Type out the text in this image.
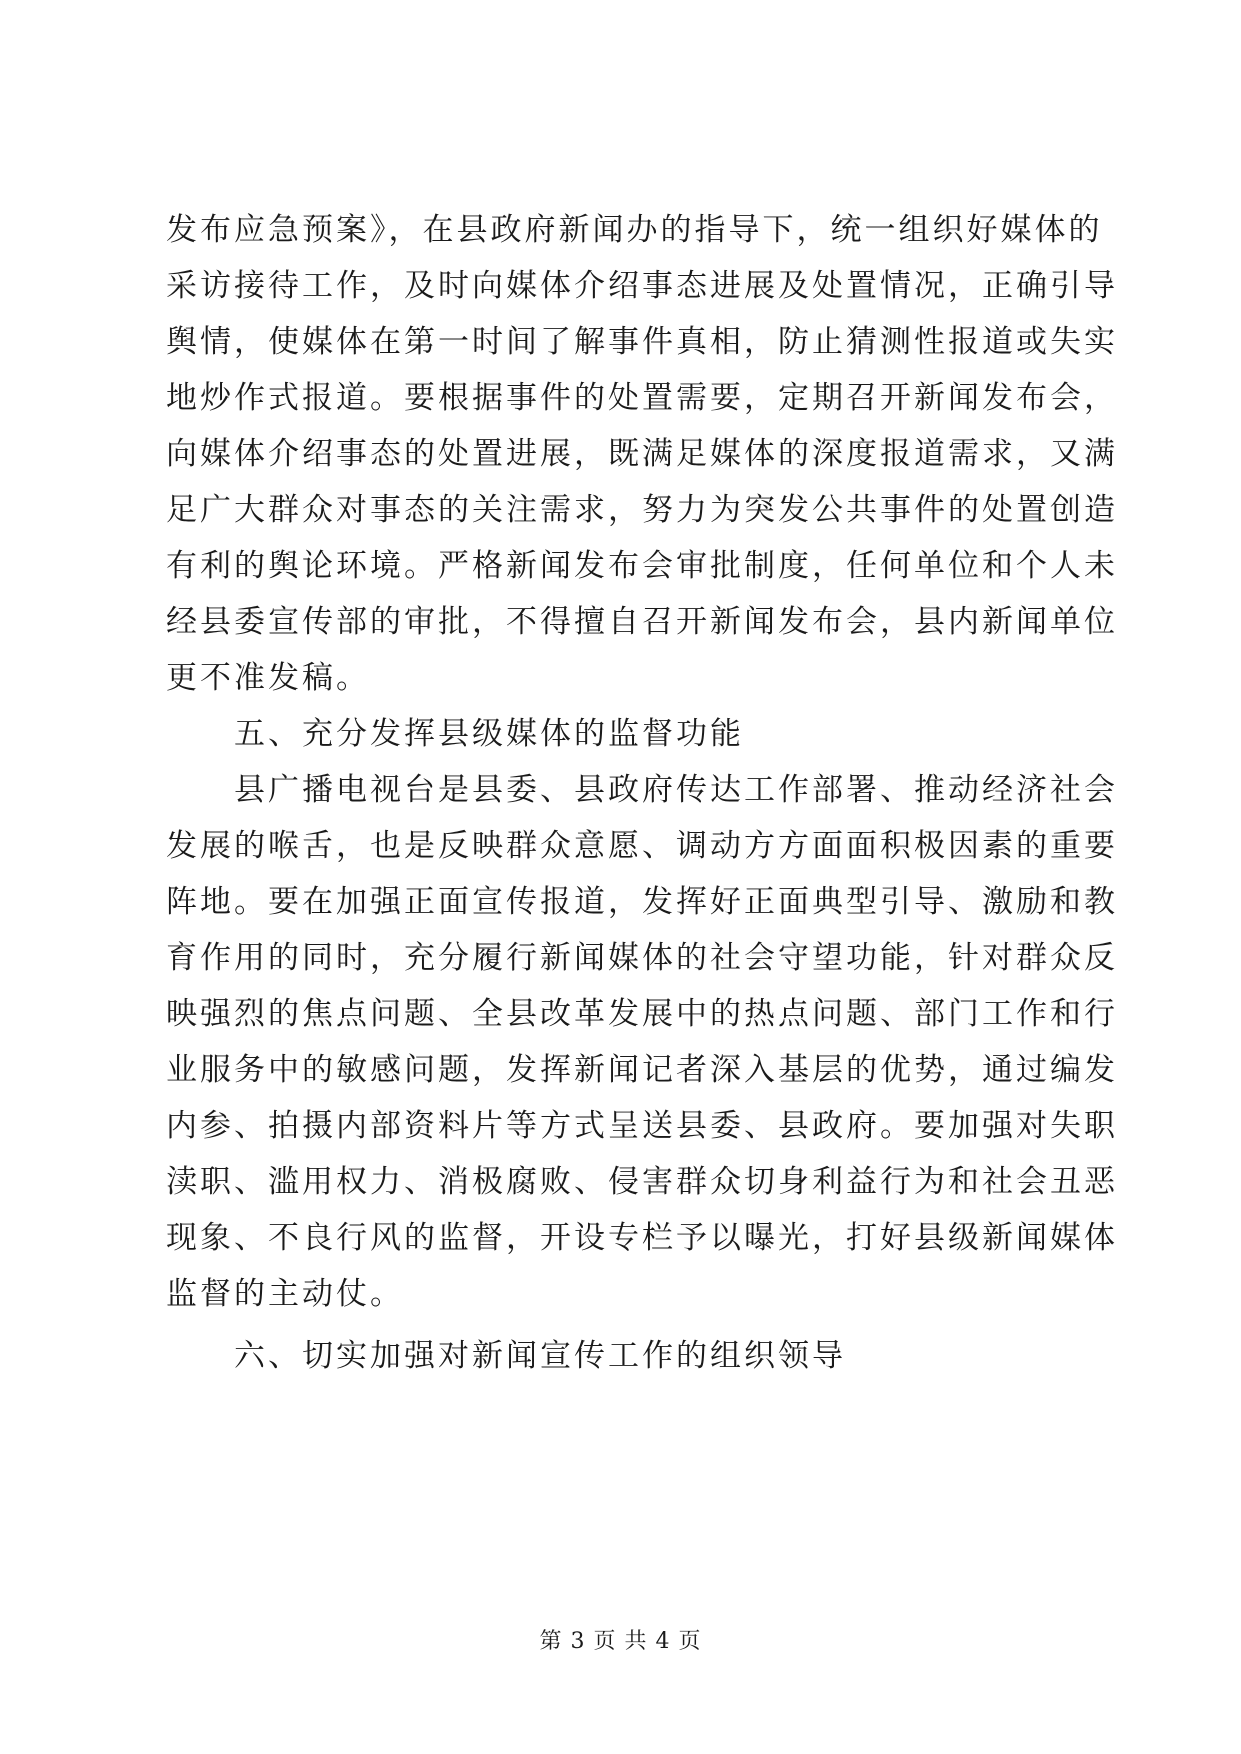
发布应急预案》，在县政府新闻办的指导下，统一组织好媒体的
采访接待工作，及时向媒体介绍事态进展及处置情况，正确引导
舆情，使媒体在第一时间了解事件真相，防止猜测性报道或失实
地炒作式报道。要根据事件的处置需要，定期召开新闻发布会，
向媒体介绍事态的处置进展，既满足媒体的深度报道需求，又满
足广大群众对事态的关注需求，努力为突发公共事件的处置创造
有利的舆论环境。严格新闻发布会审批制度，任何单位和个人未
经县委宣传部的审批，不得擅自召开新闻发布会，县内新闻单位
更不准发稿。
　　五、充分发挥县级媒体的监督功能
　　县广播电视台是县委、县政府传达工作部署、推动经济社会
发展的喉舌，也是反映群众意愿、调动方方面面积极因素的重要
阵地。要在加强正面宣传报道，发挥好正面典型引导、激励和教
育作用的同时，充分履行新闻媒体的社会守望功能，针对群众反
映强烈的焦点问题、全县改革发展中的热点问题、部门工作和行
业服务中的敏感问题，发挥新闻记者深入基层的优势，通过编发
内参、拍摄内部资料片等方式呈送县委、县政府。要加强对失职
渎职、滥用权力、消极腐败、侵害群众切身利益行为和社会丑恶
现象、不良行风的监督，开设专栏予以曝光，打好县级新闻媒体
监督的主动仗。
　　六、切实加强对新闻宣传工作的组织领导
第 3 页 共 4 页
